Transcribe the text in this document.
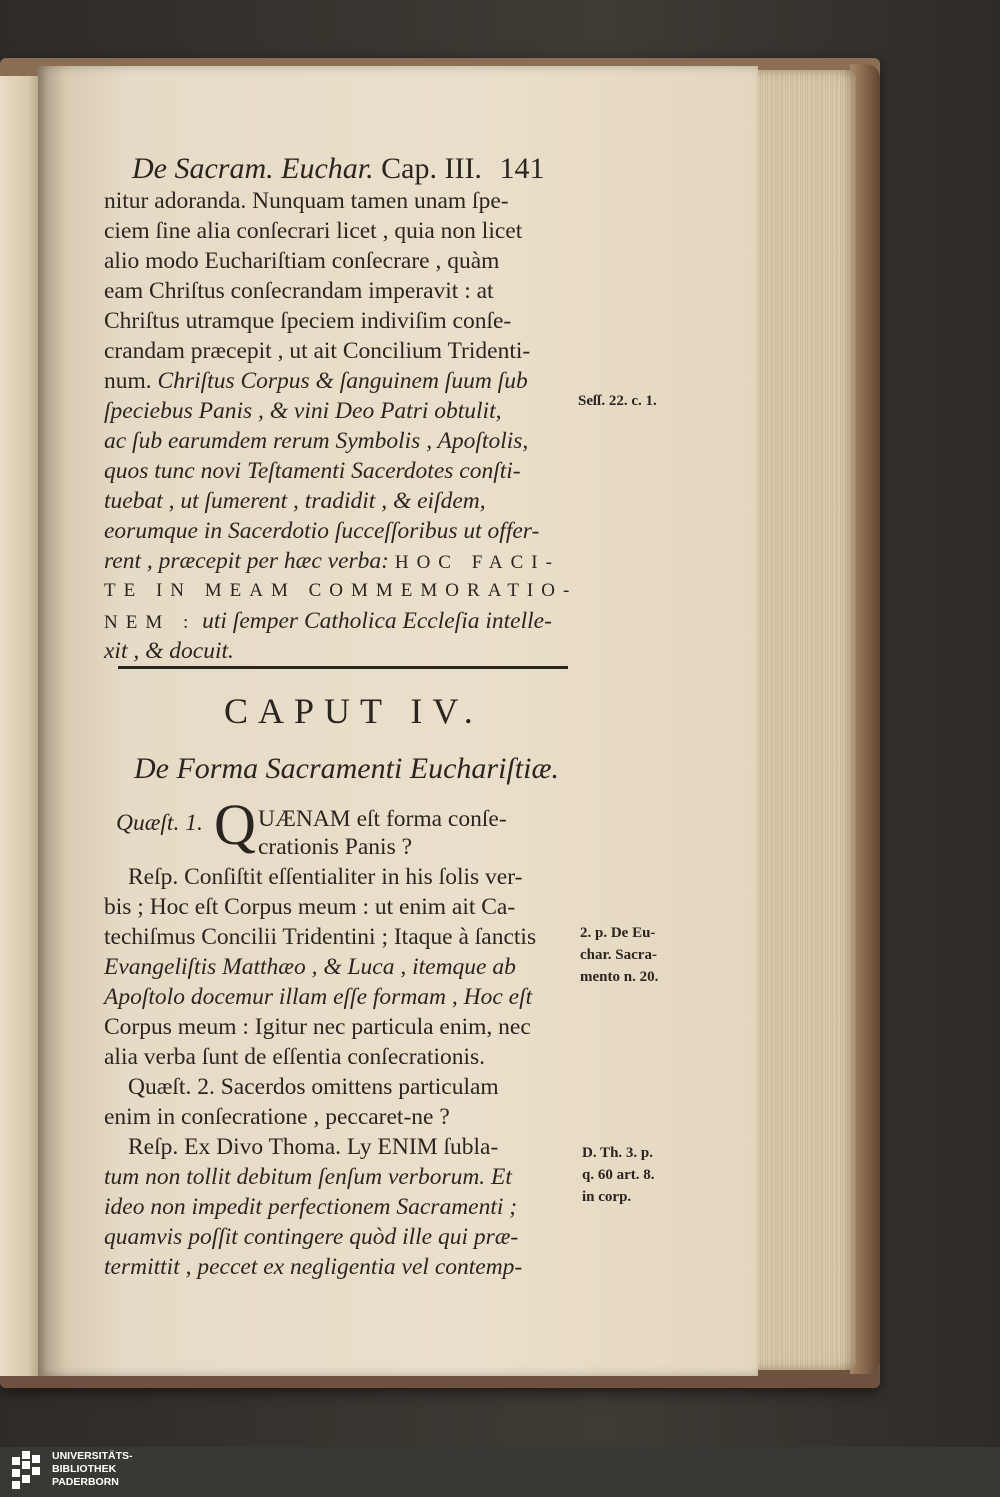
De Sacram. Euchar. Cap. III. 141
nitur adoranda. Nunquam tamen unam ſpe-
ciem ſine alia conſecrari licet , quia non licet
alio modo Euchariſtiam conſecrare , quàm
eam Chriſtus conſecrandam imperavit : at
Chriſtus utramque ſpeciem indiviſim conſe-
crandam præcepit , ut ait Concilium Tridenti-
num. Chriſtus Corpus & ſanguinem ſuum ſub
ſpeciebus Panis , & vini Deo Patri obtulit,
ac ſub earumdem rerum Symbolis , Apoſtolis,
quos tunc novi Teſtamenti Sacerdotes conſti-
tuebat , ut ſumerent , tradidit , & eiſdem,
eorumque in Sacerdotio ſucceſſoribus ut offer-
rent , præcepit per hæc verba: HOC FACI-
TE IN MEAM COMMEMORATIO-
NEM : uti ſemper Catholica Eccleſia intelle-
xit , & docuit.
CAPUT IV.
De Forma Sacramenti Euchariſtiæ.
Quæſt. 1. Q UÆNAM eſt forma conſe-
crationis Panis ?
Reſp. Conſiſtit eſſentialiter in his ſolis ver-
bis ; Hoc eſt Corpus meum : ut enim ait Ca-
techiſmus Concilii Tridentini ; Itaque à ſanctis
Evangeliſtis Matthæo , & Luca , itemque ab
Apoſtolo docemur illam eſſe formam , Hoc eſt
Corpus meum : Igitur nec particula enim, nec
alia verba ſunt de eſſentia conſecrationis.
Quæſt. 2. Sacerdos omittens particulam
enim in conſecratione , peccaret-ne ?
Reſp. Ex Divo Thoma. Ly ENIM ſubla-
tum non tollit debitum ſenſum verborum. Et
ideo non impedit perfectionem Sacramenti ;
quamvis poſſit contingere quòd ille qui præ-
termittit , peccet ex negligentia vel contemp-
Seſſ. 22. c. 1.
2. p. De Eu-
char. Sacra-
mento n. 20.
D. Th. 3. p.
q. 60 art. 8.
in corp.
UNIVERSITÄTS-
BIBLIOTHEK
PADERBORN
